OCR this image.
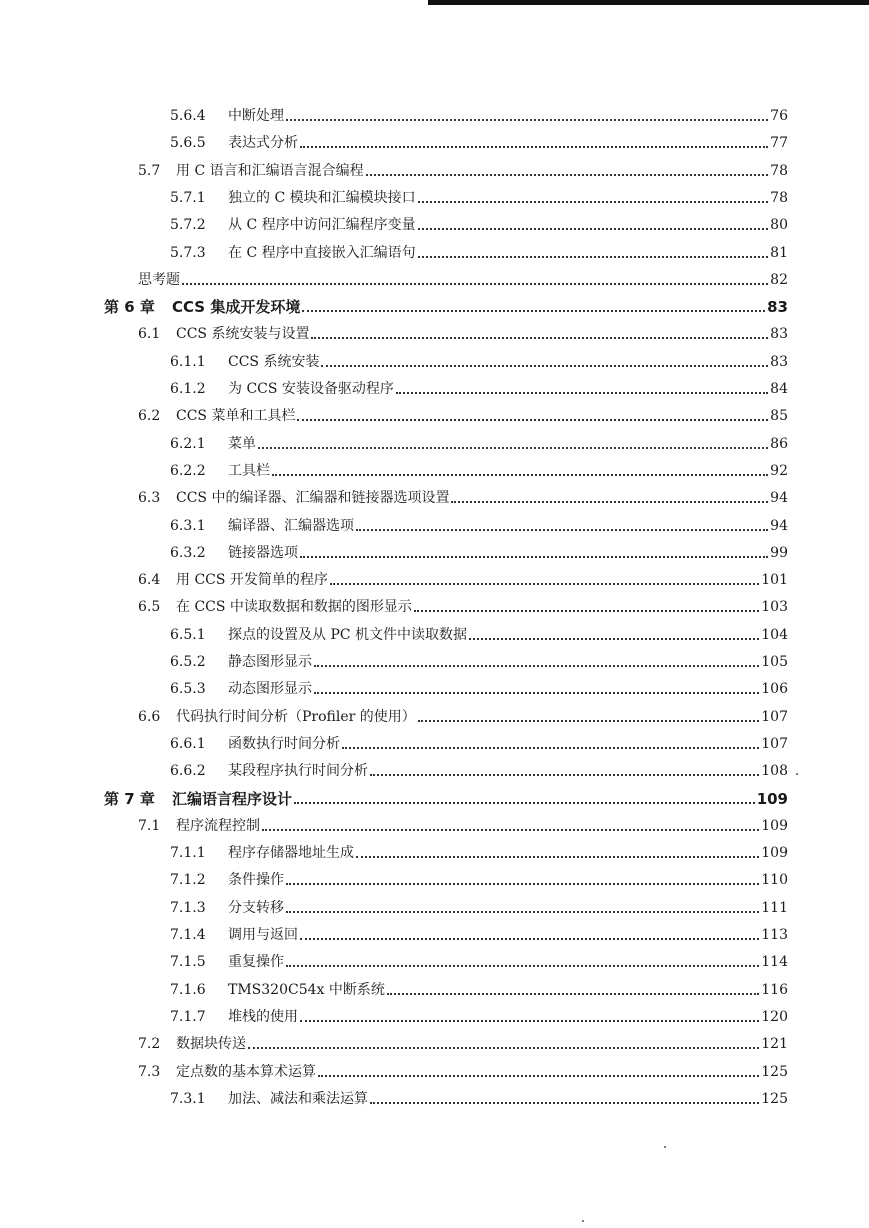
5.6.4	中断处理	76
5.6.5	表达式分析	77
5.7	用 C 语言和汇编语言混合编程	78
5.7.1	独立的 C 模块和汇编模块接口	78
5.7.2	从 C 程序中访问汇编程序变量	80
5.7.3	在 C 程序中直接嵌入汇编语句	81
思考题	82
第 6 章	CCS 集成开发环境	83
6.1	CCS 系统安装与设置	83
6.1.1	CCS 系统安装	83
6.1.2	为 CCS 安装设备驱动程序	84
6.2	CCS 菜单和工具栏	85
6.2.1	菜单	86
6.2.2	工具栏	92
6.3	CCS 中的编译器、汇编器和链接器选项设置	94
6.3.1	编译器、汇编器选项	94
6.3.2	链接器选项	99
6.4	用 CCS 开发简单的程序	101
6.5	在 CCS 中读取数据和数据的图形显示	103
6.5.1	探点的设置及从 PC 机文件中读取数据	104
6.5.2	静态图形显示	105
6.5.3	动态图形显示	106
6.6	代码执行时间分析（Profiler 的使用）	107
6.6.1	函数执行时间分析	107
6.6.2	某段程序执行时间分析	108
第 7 章	汇编语言程序设计	109
7.1	程序流程控制	109
7.1.1	程序存储器地址生成	109
7.1.2	条件操作	110
7.1.3	分支转移	111
7.1.4	调用与返回	113
7.1.5	重复操作	114
7.1.6	TMS320C54x 中断系统	116
7.1.7	堆栈的使用	120
7.2	数据块传送	121
7.3	定点数的基本算术运算	125
7.3.1	加法、减法和乘法运算	125
